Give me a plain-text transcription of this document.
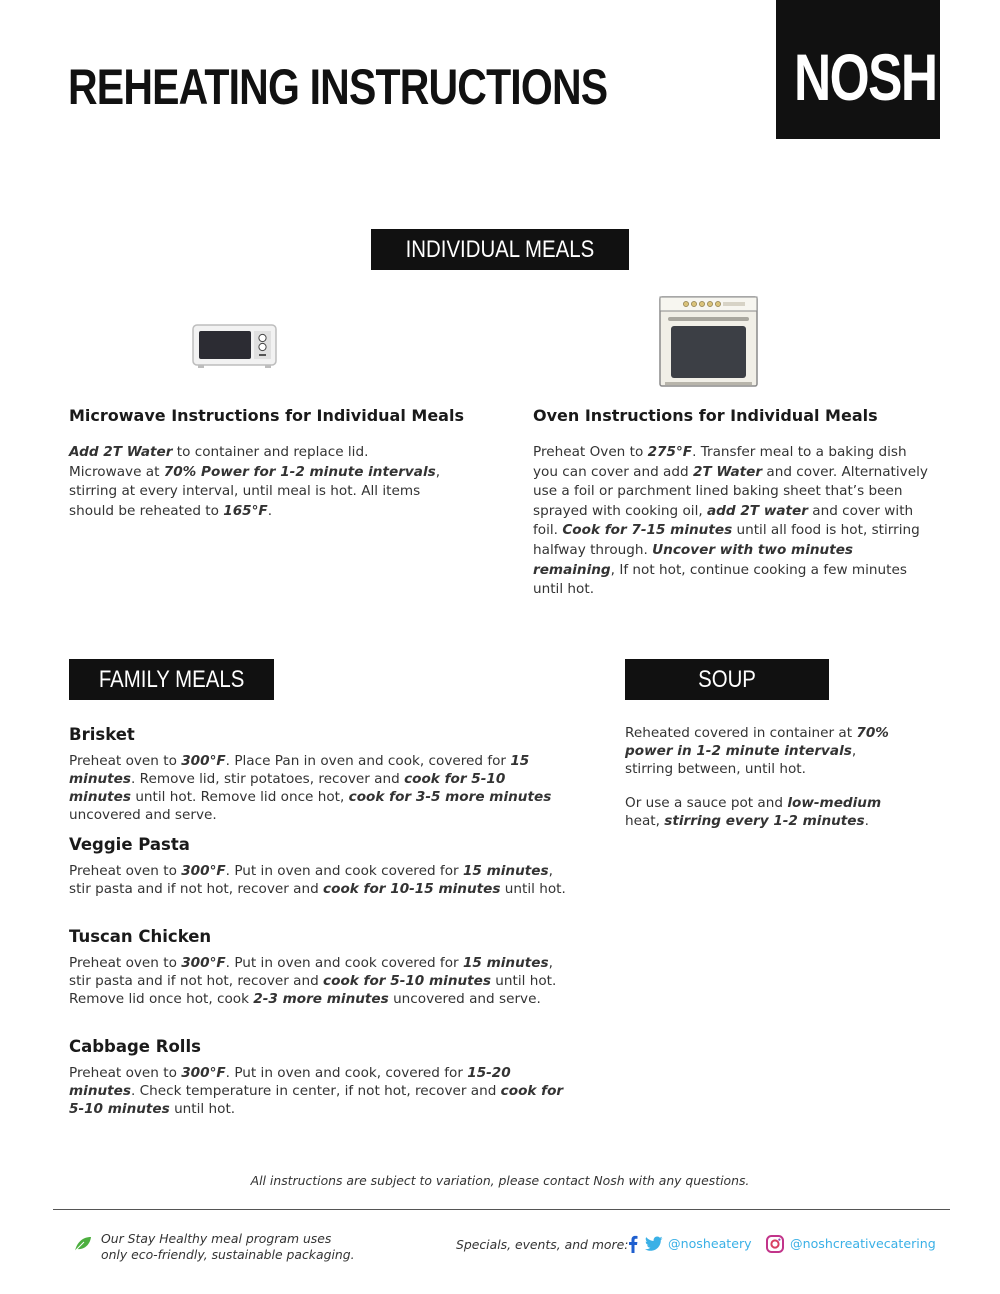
REHEATING INSTRUCTIONS	NOSH
INDIVIDUAL MEALS
Microwave Instructions for Individual Meals	Oven Instructions for Individual Meals
Add 2T Water to container and replace lid. Microwave at 70% Power for 1-2 minute intervals, stirring at every interval, until meal is hot. All items should be reheated to 165°F.
Preheat Oven to 275°F. Transfer meal to a baking dish you can cover and add 2T Water and cover. Alternatively use a foil or parchment lined baking sheet that’s been sprayed with cooking oil, add 2T water and cover with foil. Cook for 7-15 minutes until all food is hot, stirring halfway through. Uncover with two minutes remaining, If not hot, continue cooking a few minutes until hot.
FAMILY MEALS
Brisket
Preheat oven to 300°F. Place Pan in oven and cook, covered for 15 minutes. Remove lid, stir potatoes, recover and cook for 5-10 minutes until hot. Remove lid once hot, cook for 3-5 more minutes uncovered and serve.
Veggie Pasta
Preheat oven to 300°F. Put in oven and cook covered for 15 minutes, stir pasta and if not hot, recover and cook for 10-15 minutes until hot.
Tuscan Chicken
Preheat oven to 300°F. Put in oven and cook covered for 15 minutes, stir pasta and if not hot, recover and cook for 5-10 minutes until hot. Remove lid once hot, cook 2-3 more minutes uncovered and serve.
Cabbage Rolls
Preheat oven to 300°F. Put in oven and cook, covered for 15-20 minutes. Check temperature in center, if not hot, recover and cook for 5-10 minutes until hot.
SOUP
Reheated covered in container at 70% power in 1-2 minute intervals, stirring between, until hot.
Or use a sauce pot and low-medium heat, stirring every 1-2 minutes.
All instructions are subject to variation, please contact Nosh with any questions.
Our Stay Healthy meal program uses
only eco-friendly, sustainable packaging.
Specials, events, and more:	@nosheatery	@noshcreativecatering
